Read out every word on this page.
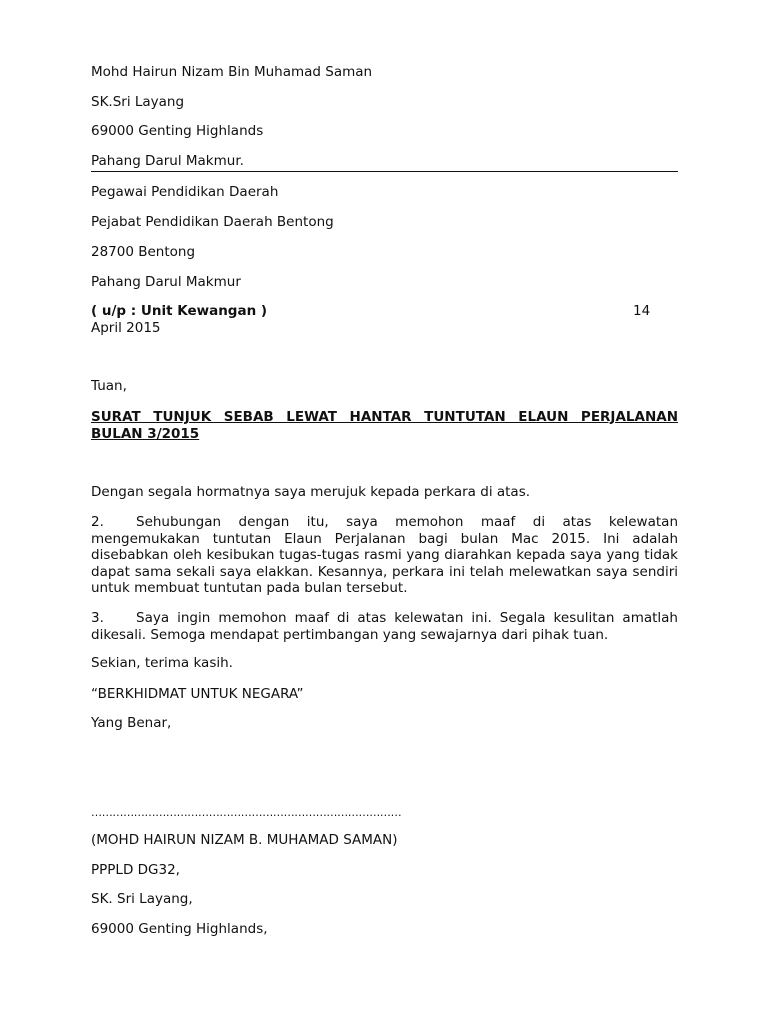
Mohd Hairun Nizam Bin Muhamad Saman
SK.Sri Layang
69000 Genting Highlands
Pahang Darul Makmur.
Pegawai Pendidikan Daerah
Pejabat Pendidikan Daerah Bentong
28700 Bentong
Pahang Darul Makmur
( u/p : Unit Kewangan )	14
April 2015
Tuan,
SURAT TUNJUK SEBAB LEWAT HANTAR TUNTUTAN ELAUN PERJALANAN
BULAN 3/2015
Dengan segala hormatnya saya merujuk kepada perkara di atas.
2. Sehubungan dengan itu, saya memohon maaf di atas kelewatan mengemukakan tuntutan Elaun Perjalanan bagi bulan Mac 2015. Ini adalah disebabkan oleh kesibukan tugas-tugas rasmi yang diarahkan kepada saya yang tidak dapat sama sekali saya elakkan. Kesannya, perkara ini telah melewatkan saya sendiri untuk membuat tuntutan pada bulan tersebut.
3. Saya ingin memohon maaf di atas kelewatan ini. Segala kesulitan amatlah dikesali. Semoga mendapat pertimbangan yang sewajarnya dari pihak tuan.
Sekian, terima kasih.
“BERKHIDMAT UNTUK NEGARA”
Yang Benar,
……………………………………………………………………………
(MOHD HAIRUN NIZAM B. MUHAMAD SAMAN)
PPPLD DG32,
SK. Sri Layang,
69000 Genting Highlands,
